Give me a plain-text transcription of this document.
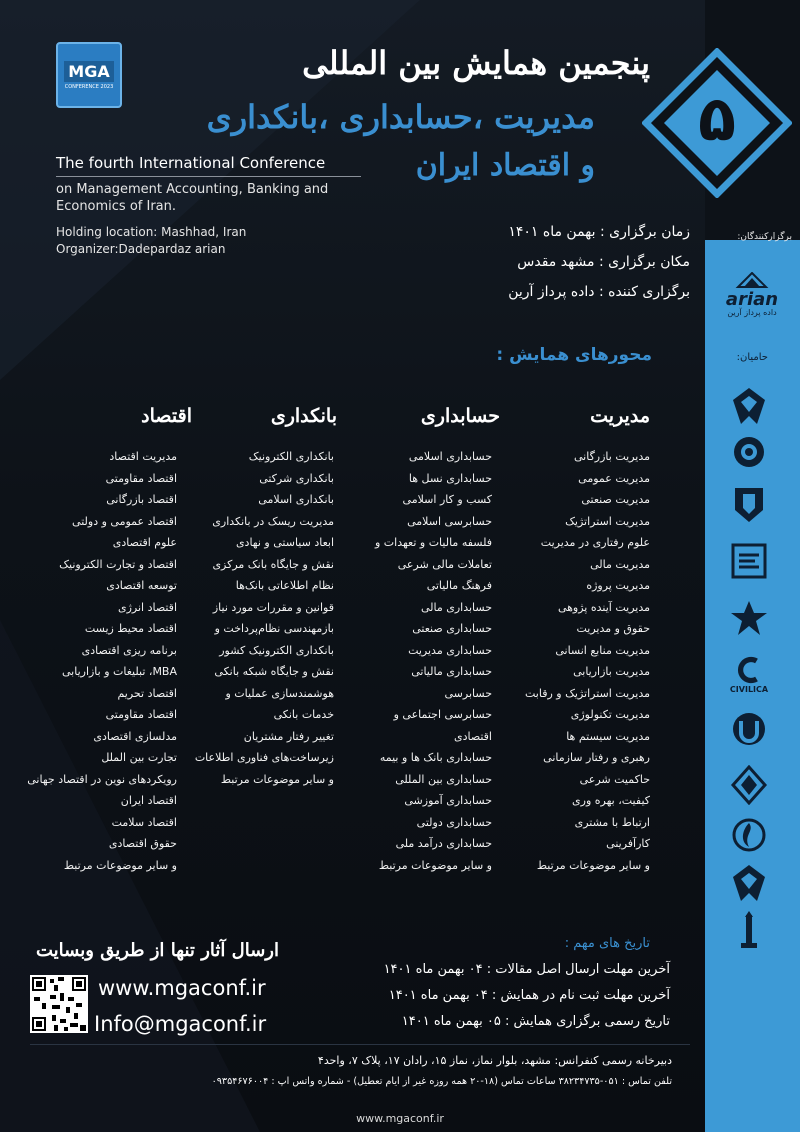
۵
MGA
CONFERENCE 2023
پنجمین همایش بین المللی
مدیریت ،حسابداری ،بانکداری
و اقتصاد ایران
The fourth International Conference
on Management Accounting, Banking and
Economics of Iran.
Holding location: Mashhad, Iran
Organizer:Dadepardaz arian
زمان برگزاری : بهمن ماه ۱۴۰۱
مکان برگزاری : مشهد مقدس
برگزاری کننده : داده پرداز آرین
برگزارکنندگان:
arian
داده پرداز آرین
حامیان:
CIVILICA
محورهای همایش :
مدیریت
حسابداری
بانکداری
اقتصاد
مدیریت بازرگانی
مدیریت عمومی
مدیریت صنعتی
مدیریت استراتژیک
علوم رفتاری در مدیریت
مدیریت مالی
مدیریت پروژه
مدیریت آینده پژوهی
حقوق و مدیریت
مدیریت منابع انسانی
مدیریت بازاریابی
مدیریت استراتژیک و رقابت
مدیریت تکنولوژی
مدیریت سیستم ها
رهبری و رفتار سازمانی
حاکمیت شرعی
کیفیت، بهره وری
ارتباط با مشتری
کارآفرینی
و سایر موضوعات مرتبط
حسابداری اسلامی
حسابداری نسل ها
کسب و کار اسلامی
حسابرسی اسلامی
فلسفه مالیات و تعهدات و
تعاملات مالی شرعی
فرهنگ مالیاتی
حسابداری مالی
حسابداری صنعتی
حسابداری مدیریت
حسابداری مالیاتی
حسابرسی
حسابرسی اجتماعی و
اقتصادی
حسابداری بانک ها و بیمه
حسابداری بین المللی
حسابداری آموزشی
حسابداری دولتی
حسابداری درآمد ملی
و سایر موضوعات مرتبط
بانکداری الکترونیک
بانکداری شرکتی
بانکداری اسلامی
مدیریت ریسک در بانکداری
ابعاد سیاستی و نهادی
نقش و جایگاه بانک مرکزی
نظام اطلاعاتی بانک‌ها
قوانین و مقررات مورد نیاز
بازمهندسی نظام‌پرداخت و
بانکداری الکترونیک کشور
نقش و جایگاه شبکه بانکی
هوشمندسازی عملیات و
خدمات بانکی
تغییر رفتار مشتریان
زیرساخت‌های فناوری اطلاعات
و سایر موضوعات مرتبط
مدیریت اقتصاد
اقتصاد مقاومتی
اقتصاد بازرگانی
اقتصاد عمومی و دولتی
علوم اقتصادی
اقتصاد و تجارت الکترونیک
توسعه اقتصادی
اقتصاد انرژی
اقتصاد محیط زیست
برنامه ریزی اقتصادی
MBA، تبلیغات و بازاریابی
اقتصاد تحریم
اقتصاد مقاومتی
مدلسازی اقتصادی
تجارت بین الملل
رویکردهای نوین در اقتصاد جهانی
اقتصاد ایران
اقتصاد سلامت
حقوق اقتصادی
و سایر موضوعات مرتبط
تاریخ های مهم :
آخرین مهلت ارسال اصل مقالات : ۰۴ بهمن ماه ۱۴۰۱
آخرین مهلت ثبت نام در همایش : ۰۴ بهمن ماه ۱۴۰۱
تاریخ رسمی برگزاری همایش : ۰۵ بهمن ماه ۱۴۰۱
ارسال آثار تنها از طریق وبسایت
www.mgaconf.ir
Info@mgaconf.ir
دبیرخانه رسمی کنفرانس: مشهد، بلوار نماز، نماز ۱۵، رادان ۱۷، پلاک ۷، واحد۴
تلفن تماس : ۰۵۱-۳۸۲۳۴۷۳۵ ساعات تماس (۱۸-۲۰ همه روزه غیر از ایام تعطیل) - شماره واتس اپ : ۰۹۳۵۴۶۷۶۰۰۴
www.mgaconf.ir
